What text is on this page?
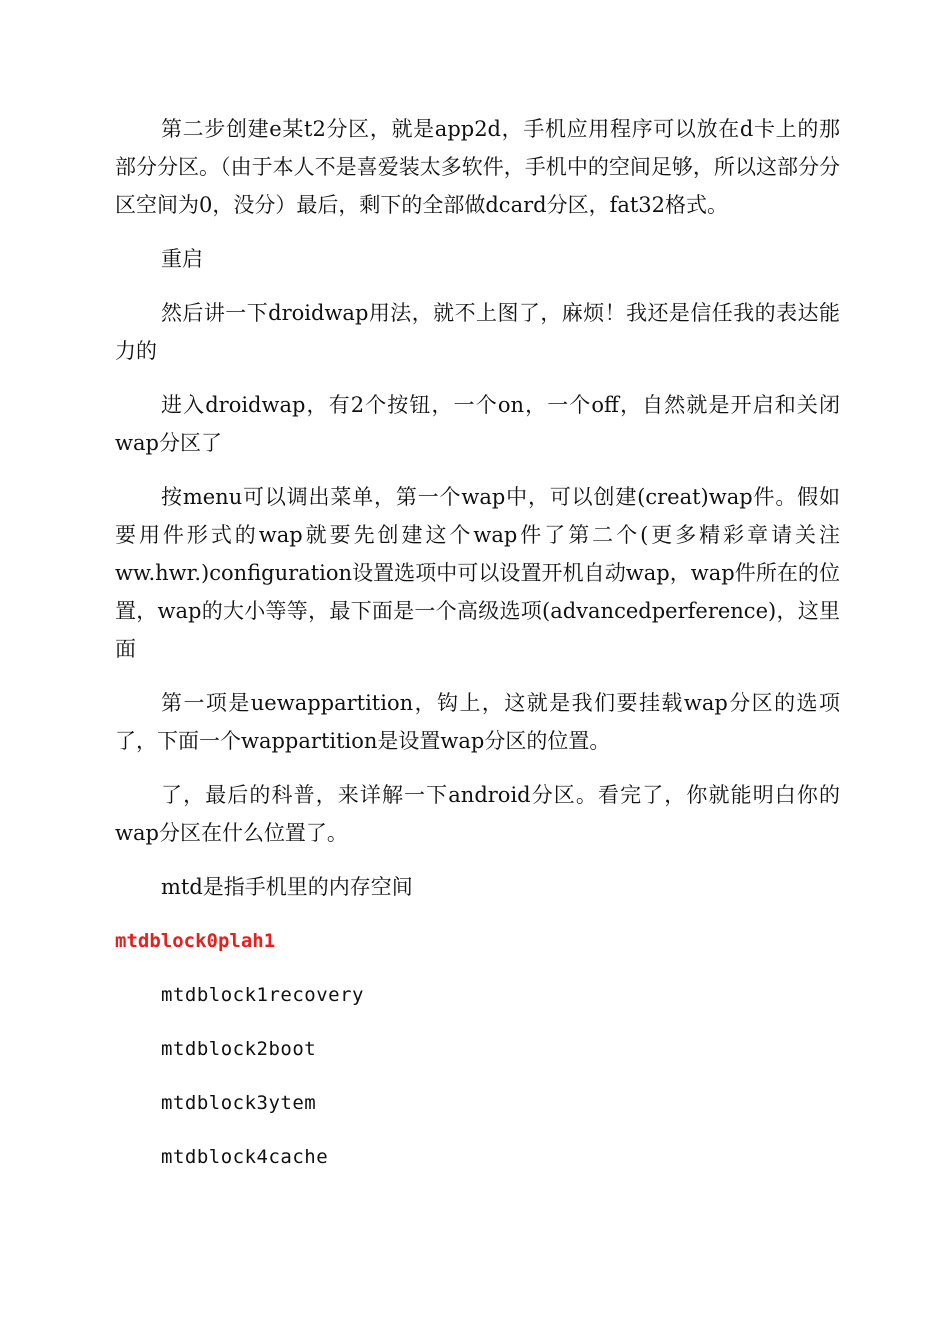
第二步创建e某t2分区，就是app2d，手机应用程序可以放在d卡上的那部分分区。（由于本人不是喜爱装太多软件，手机中的空间足够，所以这部分分区空间为0，没分）最后，剩下的全部做dcard分区，fat32格式。

重启

然后讲一下droidwap用法，就不上图了，麻烦！我还是信任我的表达能力的

进入droidwap，有2个按钮，一个on，一个off，自然就是开启和关闭wap分区了

按menu可以调出菜单，第一个wap中，可以创建(creat)wap件。假如要用件形式的wap就要先创建这个wap件了第二个(更多精彩章请关注ww.hwr.)configuration设置选项中可以设置开机自动wap，wap件所在的位置，wap的大小等等，最下面是一个高级选项(advancedperference)，这里面

第一项是uewappartition，钩上，这就是我们要挂载wap分区的选项了，下面一个wappartition是设置wap分区的位置。

了，最后的科普，来详解一下android分区。看完了，你就能明白你的wap分区在什么位置了。

mtd是指手机里的内存空间

mtdblock0plah1
mtdblock1recovery
mtdblock2boot
mtdblock3ytem
mtdblock4cache
